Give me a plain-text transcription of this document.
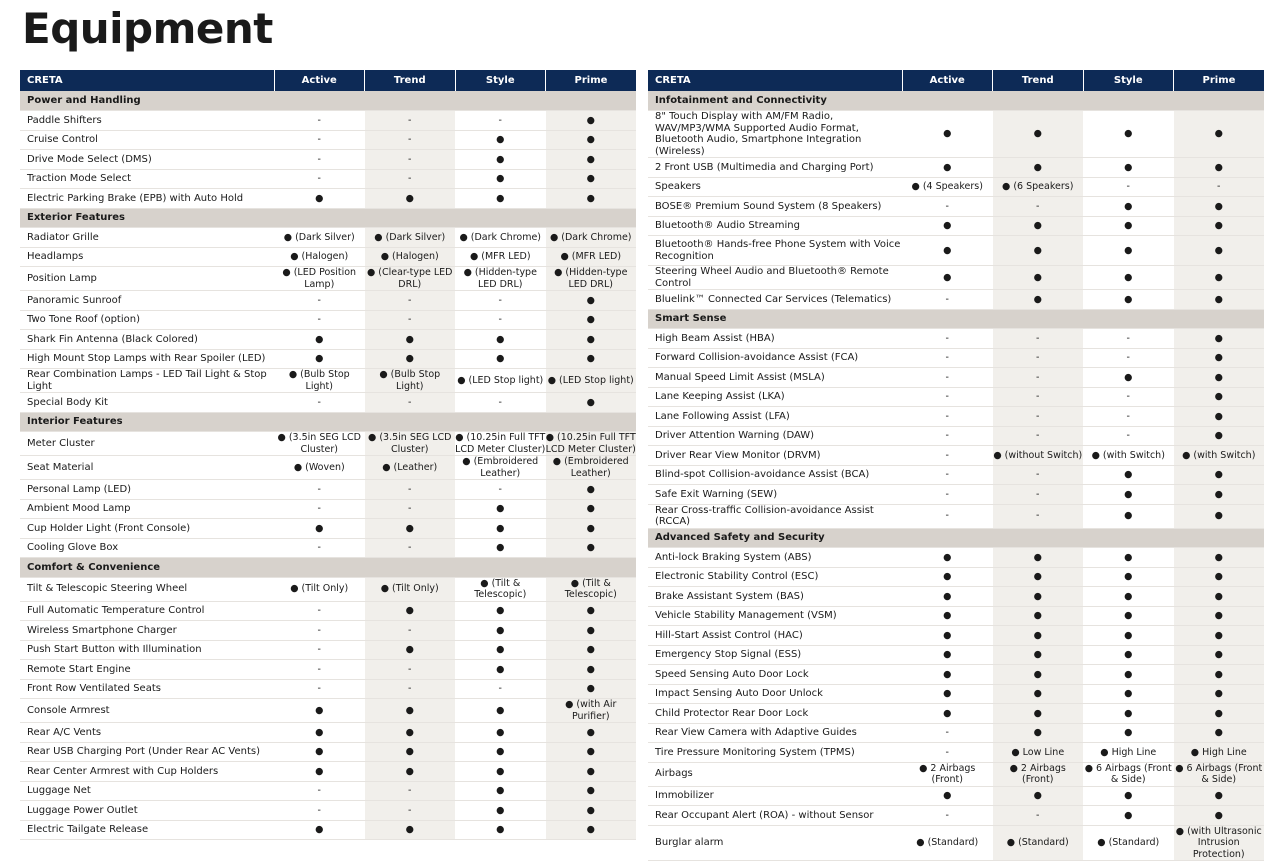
Equipment
CRETA	Active	Trend	Style	Prime
Power and Handling				
Paddle Shifters	-	-	-	●
Cruise Control	-	-	●	●
Drive Mode Select (DMS)	-	-	●	●
Traction Mode Select	-	-	●	●
Electric Parking Brake (EPB) with Auto Hold	●	●	●	●
Exterior Features				
Radiator Grille	● (Dark Silver)	● (Dark Silver)	● (Dark Chrome)	● (Dark Chrome)
Headlamps	● (Halogen)	● (Halogen)	● (MFR LED)	● (MFR LED)
Position Lamp	● (LED Position Lamp)	● (Clear-type LED DRL)	● (Hidden-type LED DRL)	● (Hidden-type LED DRL)
Panoramic Sunroof	-	-	-	●
Two Tone Roof (option)	-	-	-	●
Shark Fin Antenna (Black Colored)	●	●	●	●
High Mount Stop Lamps with Rear Spoiler (LED)	●	●	●	●
Rear Combination Lamps - LED Tail Light & Stop Light	● (Bulb Stop Light)	● (Bulb Stop Light)	● (LED Stop light)	● (LED Stop light)
Special Body Kit	-	-	-	●
Interior Features				
Meter Cluster	● (3.5in SEG LCD Cluster)	● (3.5in SEG LCD Cluster)	● (10.25in Full TFT LCD Meter Cluster)	● (10.25in Full TFT LCD Meter Cluster)
Seat Material	● (Woven)	● (Leather)	● (Embroidered Leather)	● (Embroidered Leather)
Personal Lamp (LED)	-	-	-	●
Ambient Mood Lamp	-	-	●	●
Cup Holder Light (Front Console)	●	●	●	●
Cooling Glove Box	-	-	●	●
Comfort & Convenience				
Tilt & Telescopic Steering Wheel	● (Tilt Only)	● (Tilt Only)	● (Tilt & Telescopic)	● (Tilt & Telescopic)
Full Automatic Temperature Control	-	●	●	●
Wireless Smartphone Charger	-	-	●	●
Push Start Button with Illumination	-	●	●	●
Remote Start Engine	-	-	●	●
Front Row Ventilated Seats	-	-	-	●
Console Armrest	●	●	●	● (with Air Purifier)
Rear A/C Vents	●	●	●	●
Rear USB Charging Port (Under Rear AC Vents)	●	●	●	●
Rear Center Armrest with Cup Holders	●	●	●	●
Luggage Net	-	-	●	●
Luggage Power Outlet	-	-	●	●
Electric Tailgate Release	●	●	●	●
CRETA	Active	Trend	Style	Prime
Infotainment and Connectivity				
8" Touch Display with AM/FM Radio, WAV/MP3/WMA Supported Audio Format, Bluetooth Audio, Smartphone Integration (Wireless)	●	●	●	●
2 Front USB (Multimedia and Charging Port)	●	●	●	●
Speakers	● (4 Speakers)	● (6 Speakers)	-	-
BOSE® Premium Sound System (8 Speakers)	-	-	●	●
Bluetooth® Audio Streaming	●	●	●	●
Bluetooth® Hands-free Phone System with Voice Recognition	●	●	●	●
Steering Wheel Audio and Bluetooth® Remote Control	●	●	●	●
Bluelink™ Connected Car Services (Telematics)	-	●	●	●
Smart Sense				
High Beam Assist (HBA)	-	-	-	●
Forward Collision-avoidance Assist (FCA)	-	-	-	●
Manual Speed Limit Assist (MSLA)	-	-	●	●
Lane Keeping Assist (LKA)	-	-	-	●
Lane Following Assist (LFA)	-	-	-	●
Driver Attention Warning (DAW)	-	-	-	●
Driver Rear View Monitor (DRVM)	-	● (without Switch)	● (with Switch)	● (with Switch)
Blind-spot Collision-avoidance Assist (BCA)	-	-	●	●
Safe Exit Warning (SEW)	-	-	●	●
Rear Cross-traffic Collision-avoidance Assist (RCCA)	-	-	●	●
Advanced Safety and Security				
Anti-lock Braking System (ABS)	●	●	●	●
Electronic Stability Control (ESC)	●	●	●	●
Brake Assistant System (BAS)	●	●	●	●
Vehicle Stability Management (VSM)	●	●	●	●
Hill-Start Assist Control (HAC)	●	●	●	●
Emergency Stop Signal (ESS)	●	●	●	●
Speed Sensing Auto Door Lock	●	●	●	●
Impact Sensing Auto Door Unlock	●	●	●	●
Child Protector Rear Door Lock	●	●	●	●
Rear View Camera with Adaptive Guides	-	●	●	●
Tire Pressure Monitoring System (TPMS)	-	● Low Line	● High Line	● High Line
Airbags	● 2 Airbags (Front)	● 2 Airbags (Front)	● 6 Airbags (Front & Side)	● 6 Airbags (Front & Side)
Immobilizer	●	●	●	●
Rear Occupant Alert (ROA) - without Sensor	-	-	●	●
Burglar alarm	● (Standard)	● (Standard)	● (Standard)	● (with Ultrasonic Intrusion Protection)
